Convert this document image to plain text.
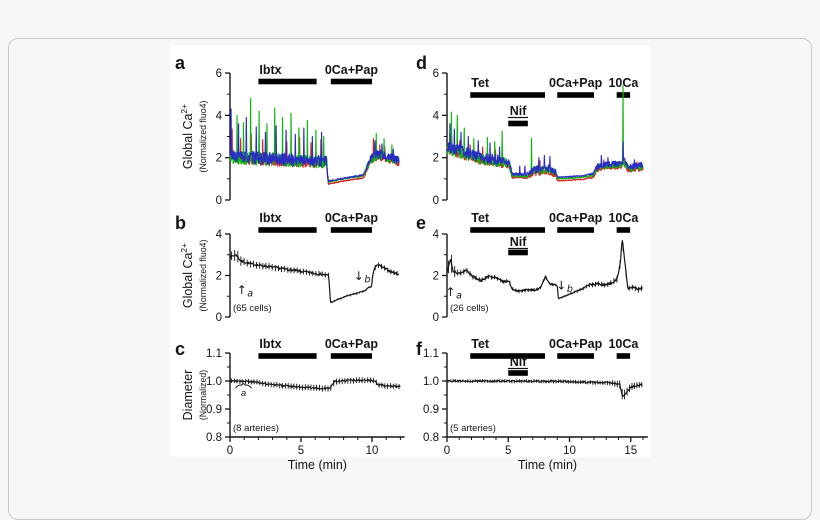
0
2
4
6
Global $Ca^{2+}$	(Normalized fluo4)
Ibtx	0Ca+Pap
a
0
2
4
6
Tet
Nif
0Ca+Pap 10Ca
d
0
2
4
Global $Ca^{2+}$	(Normalized fluo4)
Ibtx	0Ca+Pap
$↑_a$
$↓_b$
(65 cells)
b
0
2
4
Tet
Nif
0Ca+Pap 10Ca
$↑_a$
$↓_b$
(26 cells)
e
0.8
0.9
1.0
1.1
0	5	10
Time (min)
Diameter (Normalized)
Ibtx	0Ca+Pap
a
(8 arteries)
c
0.8
0.9
1.0
1.1
0	5	10	15
Time (min)
Tet
Nif
0Ca+Pap 10Ca
(5 arteries)
f
